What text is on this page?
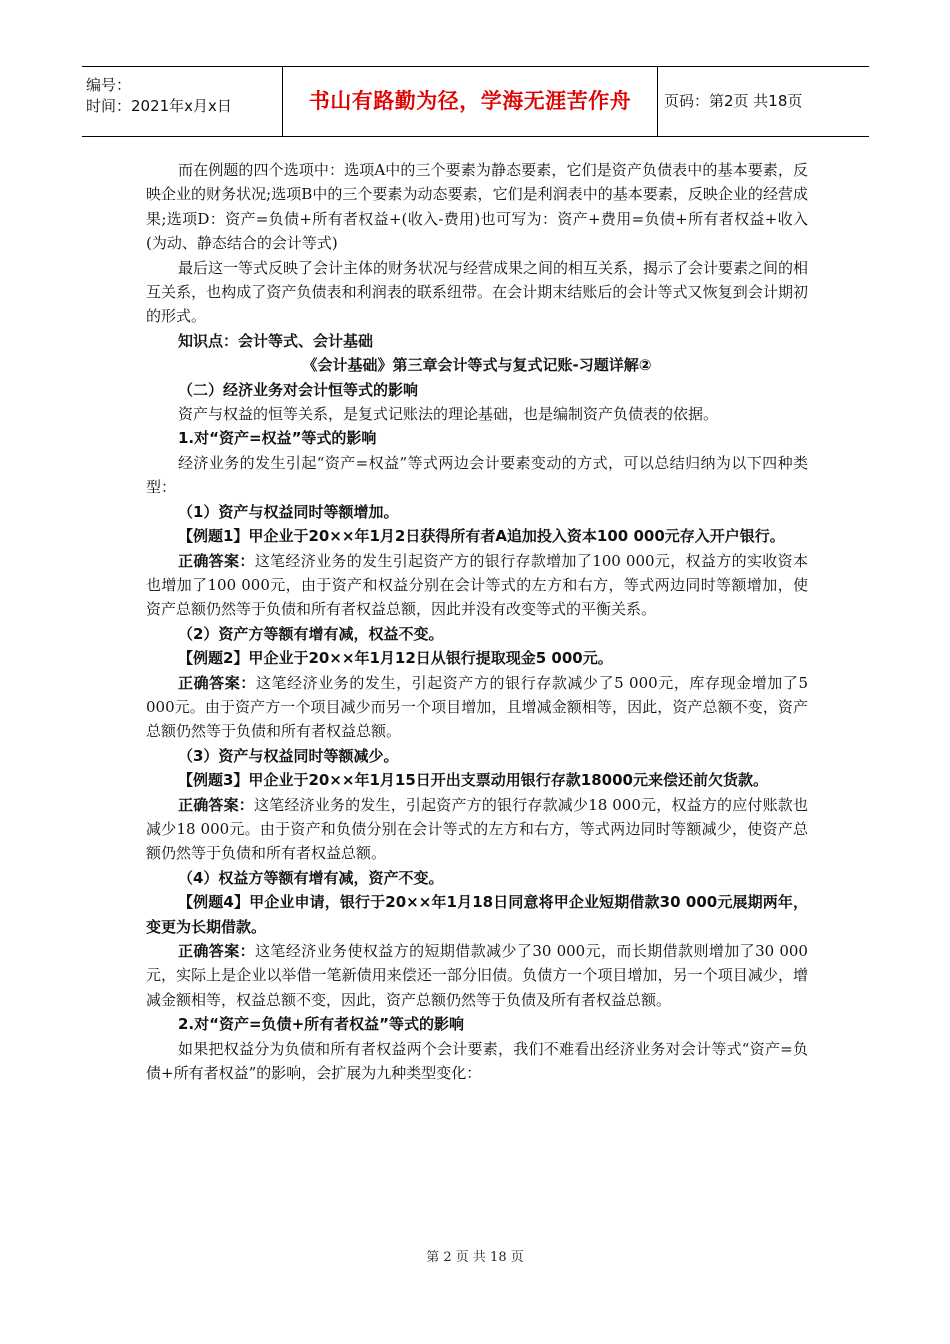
编号：
时间：2021年x月x日	书山有路勤为径，学海无涯苦作舟	页码：第2页 共18页

而在例题的四个选项中：选项A中的三个要素为静态要素，它们是资产负债表中的基本要素，反映企业的财务状况;选项B中的三个要素为动态要素，它们是利润表中的基本要素，反映企业的经营成果;选项D：资产=负债+所有者权益+(收入-费用)也可写为：资产+费用=负债+所有者权益+收入(为动、静态结合的会计等式)

最后这一等式反映了会计主体的财务状况与经营成果之间的相互关系，揭示了会计要素之间的相互关系，也构成了资产负债表和利润表的联系纽带。在会计期末结账后的会计等式又恢复到会计期初的形式。

知识点：会计等式、会计基础

《会计基础》第三章会计等式与复式记账-习题详解②

（二）经济业务对会计恒等式的影响

资产与权益的恒等关系，是复式记账法的理论基础，也是编制资产负债表的依据。

1.对“资产=权益”等式的影响

经济业务的发生引起“资产=权益”等式两边会计要素变动的方式，可以总结归纳为以下四种类型：

（1）资产与权益同时等额增加。

【例题1】甲企业于20××年1月2日获得所有者A追加投入资本100 000元存入开户银行。

正确答案：这笔经济业务的发生引起资产方的银行存款增加了100 000元，权益方的实收资本也增加了100 000元，由于资产和权益分别在会计等式的左方和右方，等式两边同时等额增加，使资产总额仍然等于负债和所有者权益总额，因此并没有改变等式的平衡关系。

（2）资产方等额有增有减，权益不变。

【例题2】甲企业于20××年1月12日从银行提取现金5 000元。

正确答案：这笔经济业务的发生，引起资产方的银行存款减少了5 000元，库存现金增加了5 000元。由于资产方一个项目减少而另一个项目增加，且增减金额相等，因此，资产总额不变，资产总额仍然等于负债和所有者权益总额。

（3）资产与权益同时等额减少。

【例题3】甲企业于20××年1月15日开出支票动用银行存款18000元来偿还前欠货款。

正确答案：这笔经济业务的发生，引起资产方的银行存款减少18 000元，权益方的应付账款也减少18 000元。由于资产和负债分别在会计等式的左方和右方，等式两边同时等额减少，使资产总额仍然等于负债和所有者权益总额。

（4）权益方等额有增有减，资产不变。

【例题4】甲企业申请，银行于20××年1月18日同意将甲企业短期借款30 000元展期两年，变更为长期借款。

正确答案：这笔经济业务使权益方的短期借款减少了30 000元，而长期借款则增加了30 000元，实际上是企业以举借一笔新债用来偿还一部分旧债。负债方一个项目增加，另一个项目减少，增减金额相等，权益总额不变，因此，资产总额仍然等于负债及所有者权益总额。

2.对“资产=负债+所有者权益”等式的影响

如果把权益分为负债和所有者权益两个会计要素，我们不难看出经济业务对会计等式“资产=负债+所有者权益”的影响，会扩展为九种类型变化：

第 2 页 共 18 页
